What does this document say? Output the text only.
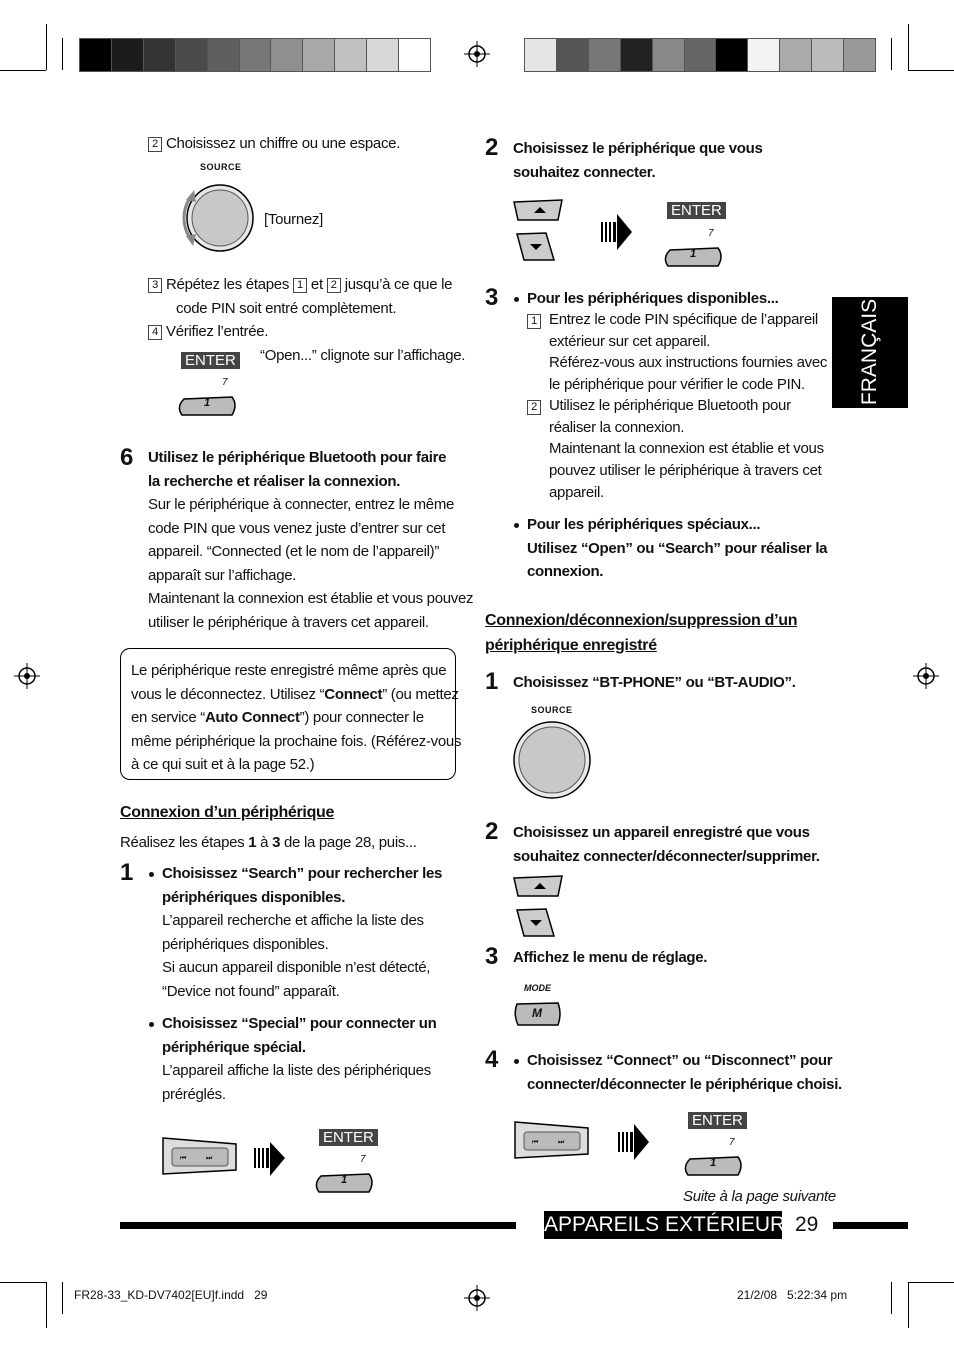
FRANÇAIS
2 Choisissez un chiffre ou une espace.
SOURCE
[Tournez]
3 Répétez les étapes 1 et 2 jusqu’à ce que le
code PIN soit entré complètement.
4 Vérifiez l’entrée.
ENTER
7
1
“Open...” clignote sur l’affichage.
6 Utilisez le périphérique Bluetooth pour faire
la recherche et réaliser la connexion.
Sur le périphérique à connecter, entrez le même
code PIN que vous venez juste d’entrer sur cet
appareil. “Connected (et le nom de l’appareil)”
apparaît sur l’affichage.
Maintenant la connexion est établie et vous pouvez
utiliser le périphérique à travers cet appareil.
Le périphérique reste enregistré même après que
vous le déconnectez. Utilisez “Connect” (ou mettez
en service “Auto Connect”) pour connecter le
même périphérique la prochaine fois. (Référez-vous
à ce qui suit et à la page 52.)
Connexion d’un périphérique
Réalisez les étapes 1 à 3 de la page 28, puis...
1 Choisissez “Search” pour rechercher les
périphériques disponibles.
L’appareil recherche et affiche la liste des
périphériques disponibles.
Si aucun appareil disponible n’est détecté,
“Device not found” apparaît.
Choisissez “Special” pour connecter un
périphérique spécial.
L’appareil affiche la liste des périphériques
préréglés.
⏮	⏭
ENTER
7
1
2 Choisissez le périphérique que vous
souhaitez connecter.
ENTER
7
1
3 Pour les périphériques disponibles...
1 Entrez le code PIN spécifique de l’appareil
extérieur sur cet appareil.
Référez-vous aux instructions fournies avec
le périphérique pour vérifier le code PIN.
2 Utilisez le périphérique Bluetooth pour
réaliser la connexion.
Maintenant la connexion est établie et vous
pouvez utiliser le périphérique à travers cet
appareil.
Pour les périphériques spéciaux...
Utilisez “Open” ou “Search” pour réaliser la
connexion.
Connexion/déconnexion/suppression d’un
périphérique enregistré
1 Choisissez “BT-PHONE” ou “BT-AUDIO”.
SOURCE
2 Choisissez un appareil enregistré que vous
souhaitez connecter/déconnecter/supprimer.
3 Affichez le menu de réglage.
MODE
M
4 Choisissez “Connect” ou “Disconnect” pour
connecter/déconnecter le périphérique choisi.
⏮	⏭
ENTER
7
1
Suite à la page suivante
APPAREILS EXTÉRIEURS
29
FR28-33_KD-DV7402[EU]f.indd   29	21/2/08   5:22:34 pm
